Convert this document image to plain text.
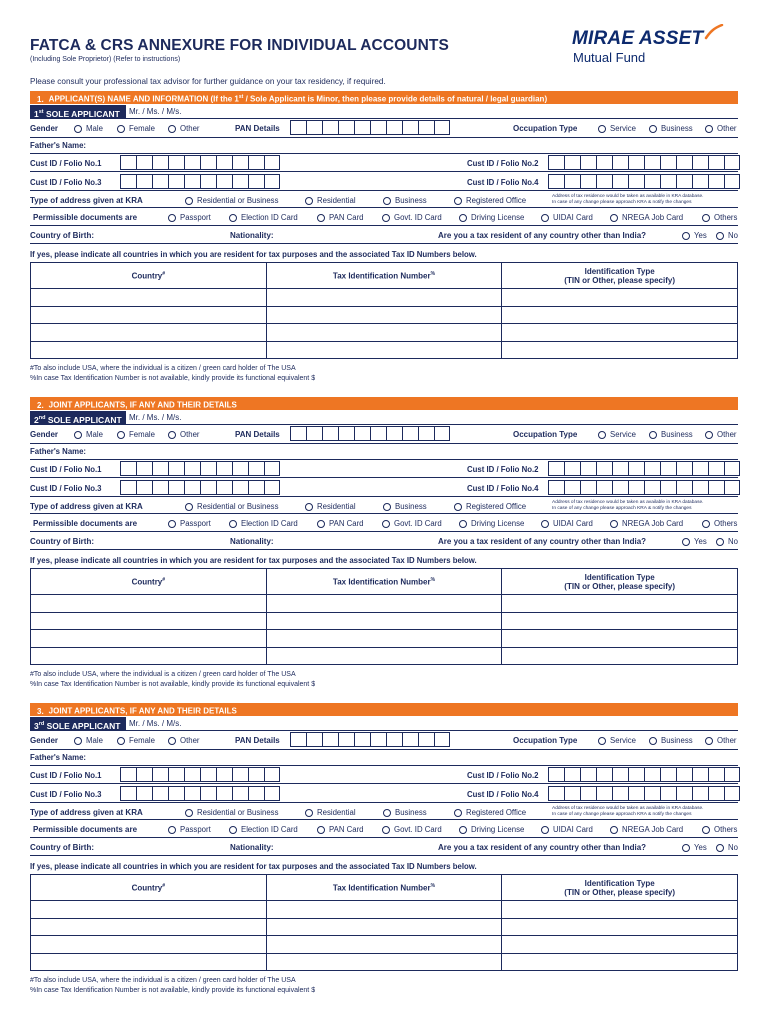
FATCA & CRS ANNEXURE FOR INDIVIDUAL ACCOUNTS
(Including Sole Proprietor) (Refer to instructions)
MIRAE ASSET
Mutual Fund
Please consult your professional tax advisor for further guidance on your tax residency, if required.
1. APPLICANT(S) NAME AND INFORMATION (If the 1st / Sole Applicant is Minor, then please provide details of natural / legal guardian)
1st SOLE APPLICANT	Mr. / Ms. / M/s.
Gender	Male	Female	Other	PAN Details	Occupation Type	Service	Business	Other
Father's Name:
Cust ID / Folio No.1	Cust ID / Folio No.2
Cust ID / Folio No.3	Cust ID / Folio No.4
Type of address given at KRA	Residential or Business	Residential	Business	Registered Office	Address of tax residence would be taken as available in KRA database.
In case of any change please approach KRA & notify the changes
Permissible documents are	Passport	Election ID Card	PAN Card	Govt. ID Card	Driving License	UIDAI Card	NREGA Job Card	Others
Country of Birth:	Nationality:	Are you a tax resident of any country other than India?	Yes	No
If yes, please indicate all countries in which you are resident for tax purposes and the associated Tax ID Numbers below.
Country#	Tax Identification Number%	Identification Type
(TIN or Other, please specify)

#To also include USA, where the individual is a citizen / green card holder of The USA
%In case Tax Identification Number is not available, kindly provide its functional equivalent $
2. JOINT APPLICANTS, IF ANY AND THEIR DETAILS
2nd SOLE APPLICANT Mr. / Ms. / M/s.
Gender	Male	Female	Other	PAN Details	Occupation Type	Service	Business	Other
Father's Name:
Cust ID / Folio No.1	Cust ID / Folio No.2
Cust ID / Folio No.3	Cust ID / Folio No.4
Type of address given at KRA	Residential or Business	Residential	Business	Registered Office	Address of tax residence would be taken as available in KRA database.
In case of any change please approach KRA & notify the changes
Permissible documents are	Passport	Election ID Card	PAN Card	Govt. ID Card	Driving License	UIDAI Card	NREGA Job Card	Others
Country of Birth:	Nationality:	Are you a tax resident of any country other than India?	Yes	No
If yes, please indicate all countries in which you are resident for tax purposes and the associated Tax ID Numbers below.
Country#	Tax Identification Number%	Identification Type
(TIN or Other, please specify)

#To also include USA, where the individual is a citizen / green card holder of The USA
%In case Tax Identification Number is not available, kindly provide its functional equivalent $
3. JOINT APPLICANTS, IF ANY AND THEIR DETAILS
3rd SOLE APPLICANT	Mr. / Ms. / M/s.
Gender	Male	Female	Other	PAN Details	Occupation Type	Service	Business	Other
Father's Name:
Cust ID / Folio No.1	Cust ID / Folio No.2
Cust ID / Folio No.3	Cust ID / Folio No.4
Type of address given at KRA	Residential or Business	Residential	Business	Registered Office	Address of tax residence would be taken as available in KRA database.
In case of any change please approach KRA & notify the changes
Permissible documents are	Passport	Election ID Card	PAN Card	Govt. ID Card	Driving License	UIDAI Card	NREGA Job Card	Others
Country of Birth:	Nationality:	Are you a tax resident of any country other than India?	Yes	No
If yes, please indicate all countries in which you are resident for tax purposes and the associated Tax ID Numbers below.
Country#	Tax Identification Number%	Identification Type
(TIN or Other, please specify)

#To also include USA, where the individual is a citizen / green card holder of The USA
%In case Tax Identification Number is not available, kindly provide its functional equivalent $
